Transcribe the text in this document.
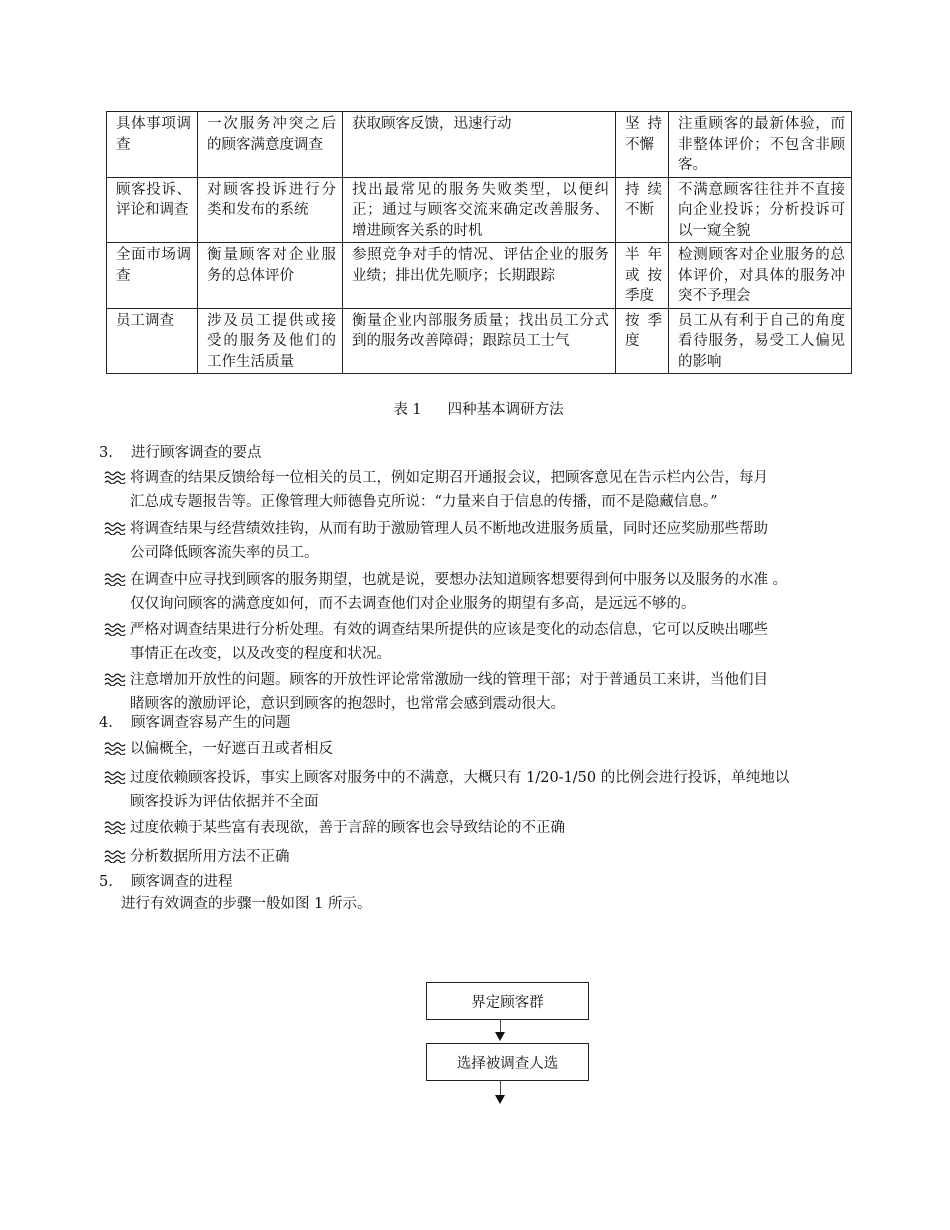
具体事项调查	一次服务冲突之后的顾客满意度调查	获取顾客反馈，迅速行动	坚持不懈	注重顾客的最新体验，而非整体评价；不包含非顾客。
顾客投诉、评论和调查	对顾客投诉进行分类和发布的系统	找出最常见的服务失败类型，以便纠正；通过与顾客交流来确定改善服务、增进顾客关系的时机	持续不断	不满意顾客往往并不直接向企业投诉；分析投诉可以一窥全貌
全面市场调查	衡量顾客对企业服务的总体评价	参照竞争对手的情况、评估企业的服务业绩；排出优先顺序；长期跟踪	半年或按季度	检测顾客对企业服务的总体评价，对具体的服务冲突不予理会
员工调查	涉及员工提供或接受的服务及他们的工作生活质量	衡量企业内部服务质量；找出员工分式到的服务改善障碍；跟踪员工士气	按季度	员工从有利于自己的角度看待服务，易受工人偏见的影响
表 1 四种基本调研方法
3. 进行顾客调查的要点
将调查的结果反馈给每一位相关的员工，例如定期召开通报会议，把顾客意见在告示栏内公告，每月
汇总成专题报告等。正像管理大师德鲁克所说：“力量来自于信息的传播，而不是隐藏信息。”
将调查结果与经营绩效挂钩，从而有助于激励管理人员不断地改进服务质量，同时还应奖励那些帮助
公司降低顾客流失率的员工。
在调查中应寻找到顾客的服务期望，也就是说，要想办法知道顾客想要得到何中服务以及服务的水准 。
仅仅询问顾客的满意度如何，而不去调查他们对企业服务的期望有多高，是远远不够的。
严格对调查结果进行分析处理。有效的调查结果所提供的应该是变化的动态信息，它可以反映出哪些
事情正在改变，以及改变的程度和状况。
注意增加开放性的问题。顾客的开放性评论常常激励一线的管理干部；对于普通员工来讲，当他们目
睹顾客的激励评论，意识到顾客的抱怨时，也常常会感到震动很大。
4. 顾客调查容易产生的问题
以偏概全，一好遮百丑或者相反
过度依赖顾客投诉，事实上顾客对服务中的不满意，大概只有 1/20-1/50 的比例会进行投诉，单纯地以
顾客投诉为评估依据并不全面
过度依赖于某些富有表现欲，善于言辞的顾客也会导致结论的不正确
分析数据所用方法不正确
5. 顾客调查的进程
进行有效调查的步骤一般如图 1 所示。
界定顾客群
选择被调查人选
